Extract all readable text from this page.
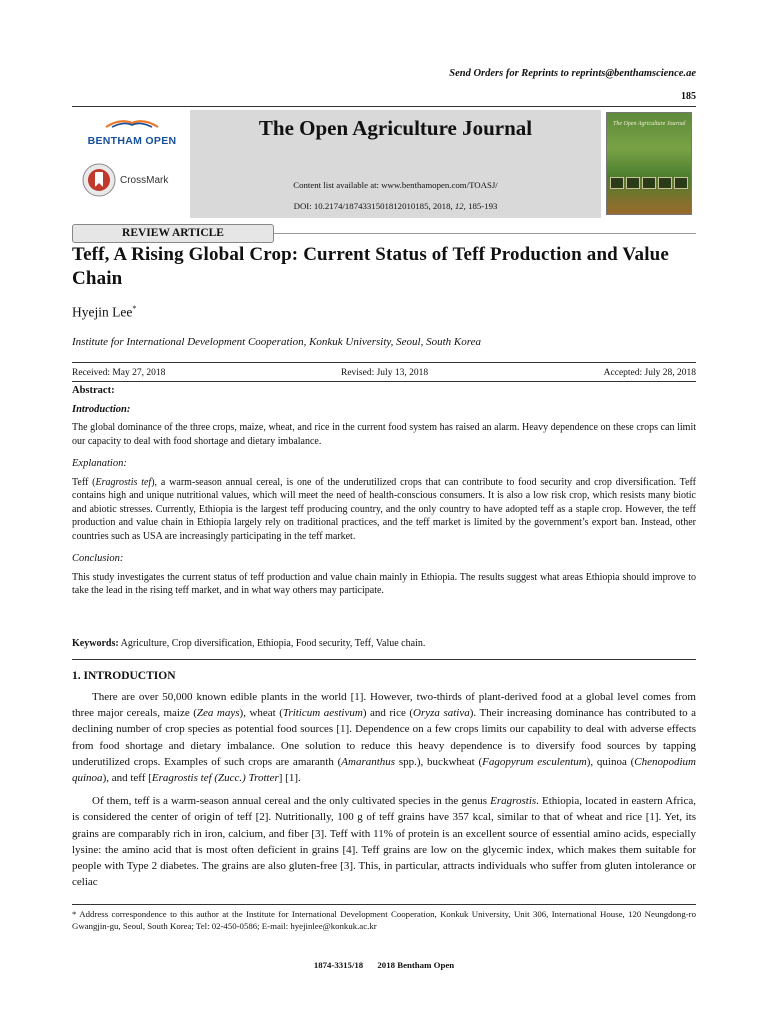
Send Orders for Reprints to reprints@benthamscience.ae
185
The Open Agriculture Journal
Content list available at: www.benthamopen.com/TOASJ/
DOI: 10.2174/1874331501812010185, 2018, 12, 185-193
BENTHAM OPEN
CrossMark
The Open Agriculture Journal
REVIEW ARTICLE
Teff, A Rising Global Crop: Current Status of Teff Production and Value Chain
Hyejin Lee*
Institute for International Development Cooperation, Konkuk University, Seoul, South Korea
Received: May 27, 2018	Revised: July 13, 2018	Accepted: July 28, 2018
Abstract:
Introduction:

The global dominance of the three crops, maize, wheat, and rice in the current food system has raised an alarm. Heavy dependence on these crops can limit our capacity to deal with food shortage and dietary imbalance.

Explanation:

Teff (Eragrostis tef), a warm-season annual cereal, is one of the underutilized crops that can contribute to food security and crop diversification. Teff contains high and unique nutritional values, which will meet the need of health-conscious consumers. It is also a low risk crop, which resists many biotic and abiotic stresses. Currently, Ethiopia is the largest teff producing country, and the only country to have adopted teff as a staple crop. However, the teff production and value chain in Ethiopia largely rely on traditional practices, and the teff market is limited by the government’s export ban. Instead, other countries such as USA are increasingly participating in the teff market.

Conclusion:

This study investigates the current status of teff production and value chain mainly in Ethiopia. The results suggest what areas Ethiopia should improve to take the lead in the rising teff market, and in what way others may participate.

Keywords: Agriculture, Crop diversification, Ethiopia, Food security, Teff, Value chain.
1. INTRODUCTION

There are over 50,000 known edible plants in the world [1]. However, two-thirds of plant-derived food at a global level comes from three major cereals, maize (Zea mays), wheat (Triticum aestivum) and rice (Oryza sativa). Their increasing dominance has contributed to a declining number of crop species as potential food sources [1]. Dependence on a few crops limits our capability to deal with adverse effects from food shortage and dietary imbalance. One solution to reduce this heavy dependence is to diversify food sources by tapping underutilized crops. Examples of such crops are amaranth (Amaranthus spp.), buckwheat (Fagopyrum esculentum), quinoa (Chenopodium quinoa), and teff [Eragrostis tef (Zucc.) Trotter] [1].

Of them, teff is a warm-season annual cereal and the only cultivated species in the genus Eragrostis. Ethiopia, located in eastern Africa, is considered the center of origin of teff [2]. Nutritionally, 100 g of teff grains have 357 kcal, similar to that of wheat and rice [1]. Yet, its grains are comparably rich in iron, calcium, and fiber [3]. Teff with 11% of protein is an excellent source of essential amino acids, especially lysine: the amino acid that is most often deficient in grains [4]. Teff grains are low on the glycemic index, which makes them suitable for people with Type 2 diabetes. The grains are also gluten-free [3]. This, in particular, attracts individuals who suffer from gluten intolerance or celiac

* Address correspondence to this author at the Institute for International Development Cooperation, Konkuk University, Unit 306, International House, 120 Neungdong-ro Gwangjin-gu, Seoul, South Korea; Tel: 02-450-0586; E-mail: hyejinlee@konkuk.ac.kr
1874-3315/18 2018 Bentham Open
